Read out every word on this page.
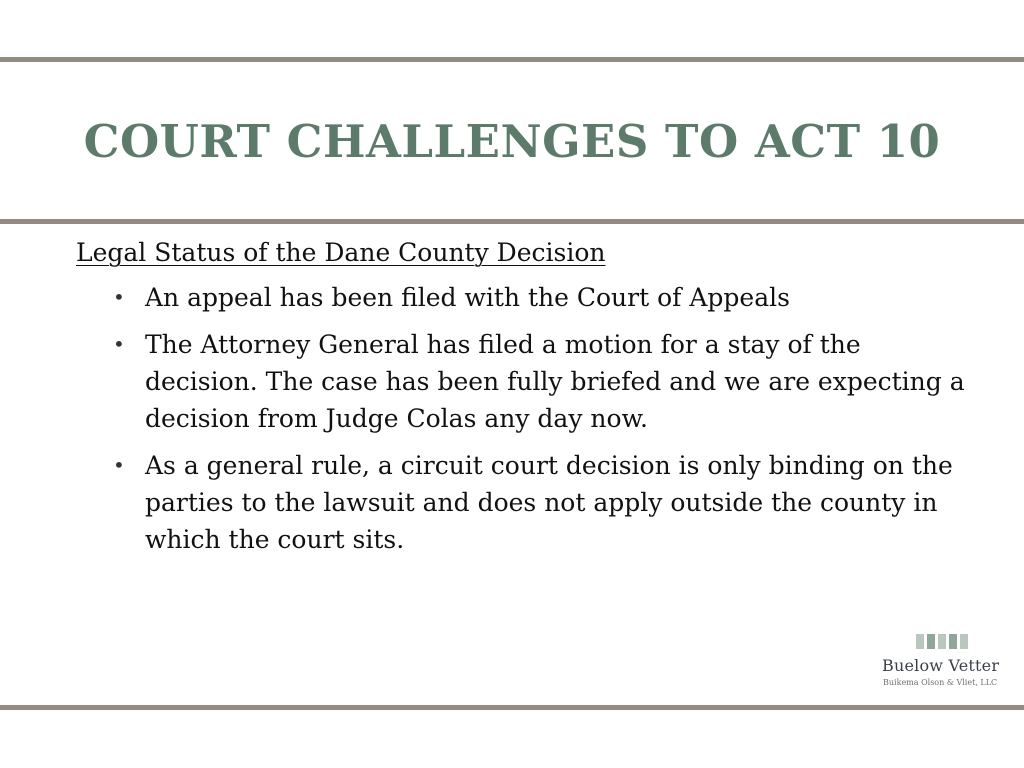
COURT CHALLENGES TO ACT 10
Legal Status of the Dane County Decision
• An appeal has been filed with the Court of Appeals
• The Attorney General has filed a motion for a stay of the decision. The case has been fully briefed and we are expecting a decision from Judge Colas any day now.
• As a general rule, a circuit court decision is only binding on the parties to the lawsuit and does not apply outside the county in which the court sits.
Buelow Vetter
Buikema Olson & Vliet, LLC
